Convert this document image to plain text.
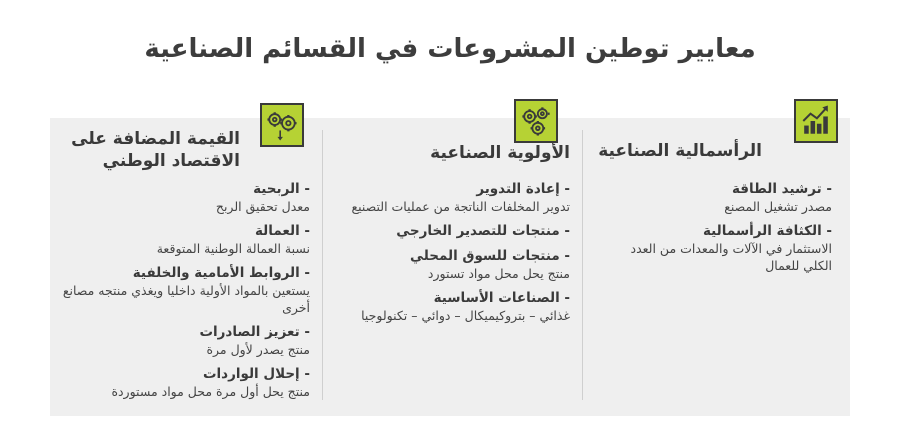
معايير توطين المشروعات في القسائم الصناعية
الرأسمالية الصناعية
- ترشيد الطاقة
مصدر تشغيل المصنع
- الكثافة الرأسمالية
الاستثمار في الآلات والمعدات من العدد الكلي للعمال
الأولوية الصناعية
- إعادة التدوير
تدوير المخلفات الناتجة من عمليات التصنيع
- منتجات للتصدير الخارجي
- منتجات للسوق المحلي
منتج يحل محل مواد تستورد
- الصناعات الأساسية
غذائي – بتروكيميكال – دوائي – تكنولوجيا
القيمة المضافة على الاقتصاد الوطني
- الربحية
معدل تحقيق الربح
- العمالة
نسبة العمالة الوطنية المتوقعة
- الروابط الأمامية والخلفية
يستعين بالمواد الأولية داخليا ويغذي منتجه مصانع أخرى
- تعزيز الصادرات
منتج يصدر لأول مرة
- إحلال الواردات
منتج يحل أول مرة محل مواد مستوردة
